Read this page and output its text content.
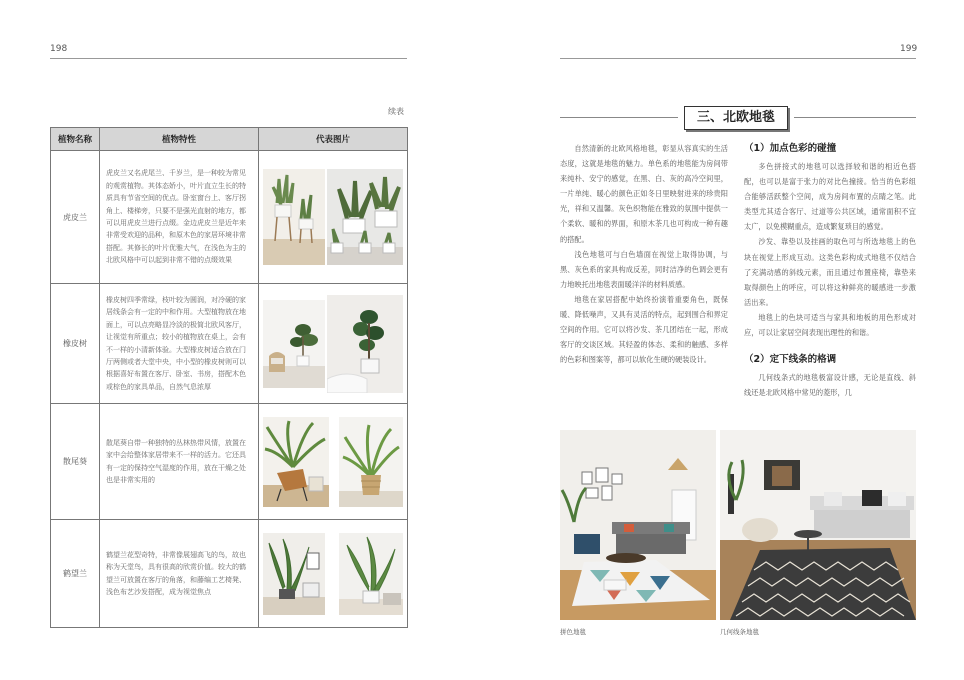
198
续表
植物名称	植物特性	代表图片
虎皮兰	虎皮兰又名虎尾兰、千岁兰，是一种较为常见的观赏植物。其体态娇小，叶片直立生长的特质具有节省空间的优点。卧室窗台上、客厅拐角上、楼梯旁，只要不是强光直射的地方，都可以用虎皮兰进行点缀。金边虎皮兰是近年来非常受欢迎的品种，和原木色的家居环境非常搭配。其修长的叶片优雅大气，在浅色为主的北欧风格中可以起到非常不错的点缀效果	

橡皮树	橡皮树四季常绿，枝叶较为圆润，对冷硬的家居线条会有一定的中和作用。大型植物放在地面上，可以点亮略显冷淡的极简北欧风客厅，让视觉有所重点；较小的植物放在桌上，会有不一样的小清新体验。大型橡皮树适合放在门厅两侧或者大堂中央，中小型的橡皮树则可以根据喜好布置在客厅、卧室、书房，搭配木色或棕色的家具单品，自然气息浓厚	

散尾葵	散尾葵自带一种独特的丛林热带风情，放置在家中会给整体家居带来不一样的活力。它还具有一定的保持空气湿度的作用，放在干燥之处也是非常实用的	

鹤望兰	鹤望兰花型奇特，非常像展翅高飞的鸟，故也称为天堂鸟，具有很高的欣赏价值。较大的鹤望兰可放置在客厅的角落，和藤编工艺椅凳、浅色布艺沙发搭配，成为视觉焦点	
199
三、北欧地毯

自然清新的北欧风格地毯，彰显从容真实的生活态度，这就是地毯的魅力。单色系的地毯能为房间带来纯朴、安宁的感觉，在黑、白、灰的高冷空间里，一片单纯、暖心的颜色正如冬日里映射进来的珍贵阳光，祥和又温馨。灰色织物能在雅致的氛围中提供一个柔软、暖和的界面，和原木茶几也可构成一种有趣的搭配。

浅色地毯可与白色墙面在视觉上取得协调，与黑、灰色系的家具构成反差，同时洁净的色调会更有力地映托出地毯表面暖洋洋的材料质感。

地毯在家居搭配中始终扮演着重要角色，既保暖、降低噪声，又具有灵活的特点，起到围合和界定空间的作用。它可以将沙发、茶几团结在一起，形成客厅的交谈区域。其轻盈的体态、柔和的触感、多样的色彩和图案等，都可以软化生硬的硬装设计。

（1）加点色彩的碰撞

多色拼接式的地毯可以选择较和谐的相近色搭配，也可以是富于张力的对比色撞接。恰当的色彩组合能够活跃整个空间，成为房间布置的点睛之笔。此类型尤其适合客厅、过道等公共区域，通常面积不宜太广，以免模糊重点，造成繁复琐目的感觉。

沙发、靠垫以及挂画的取色可与所选地毯上的色块在视觉上形成互动。这类色彩构成式地毯不仅结合了充满动感的斜线元素，而且通过布置座椅，靠垫来取得颜色上的呼应，可以将这种鲜亮的暖感进一步激活出来。

地毯上的色块可适当与家具和地板的用色形成对应，可以让家居空间表现出理性的和谐。

（2）定下线条的格调

几何线条式的地毯极富设计感，无论是直线、斜线还是北欧风格中常见的菱形，几

拼色地毯	几何线条地毯
